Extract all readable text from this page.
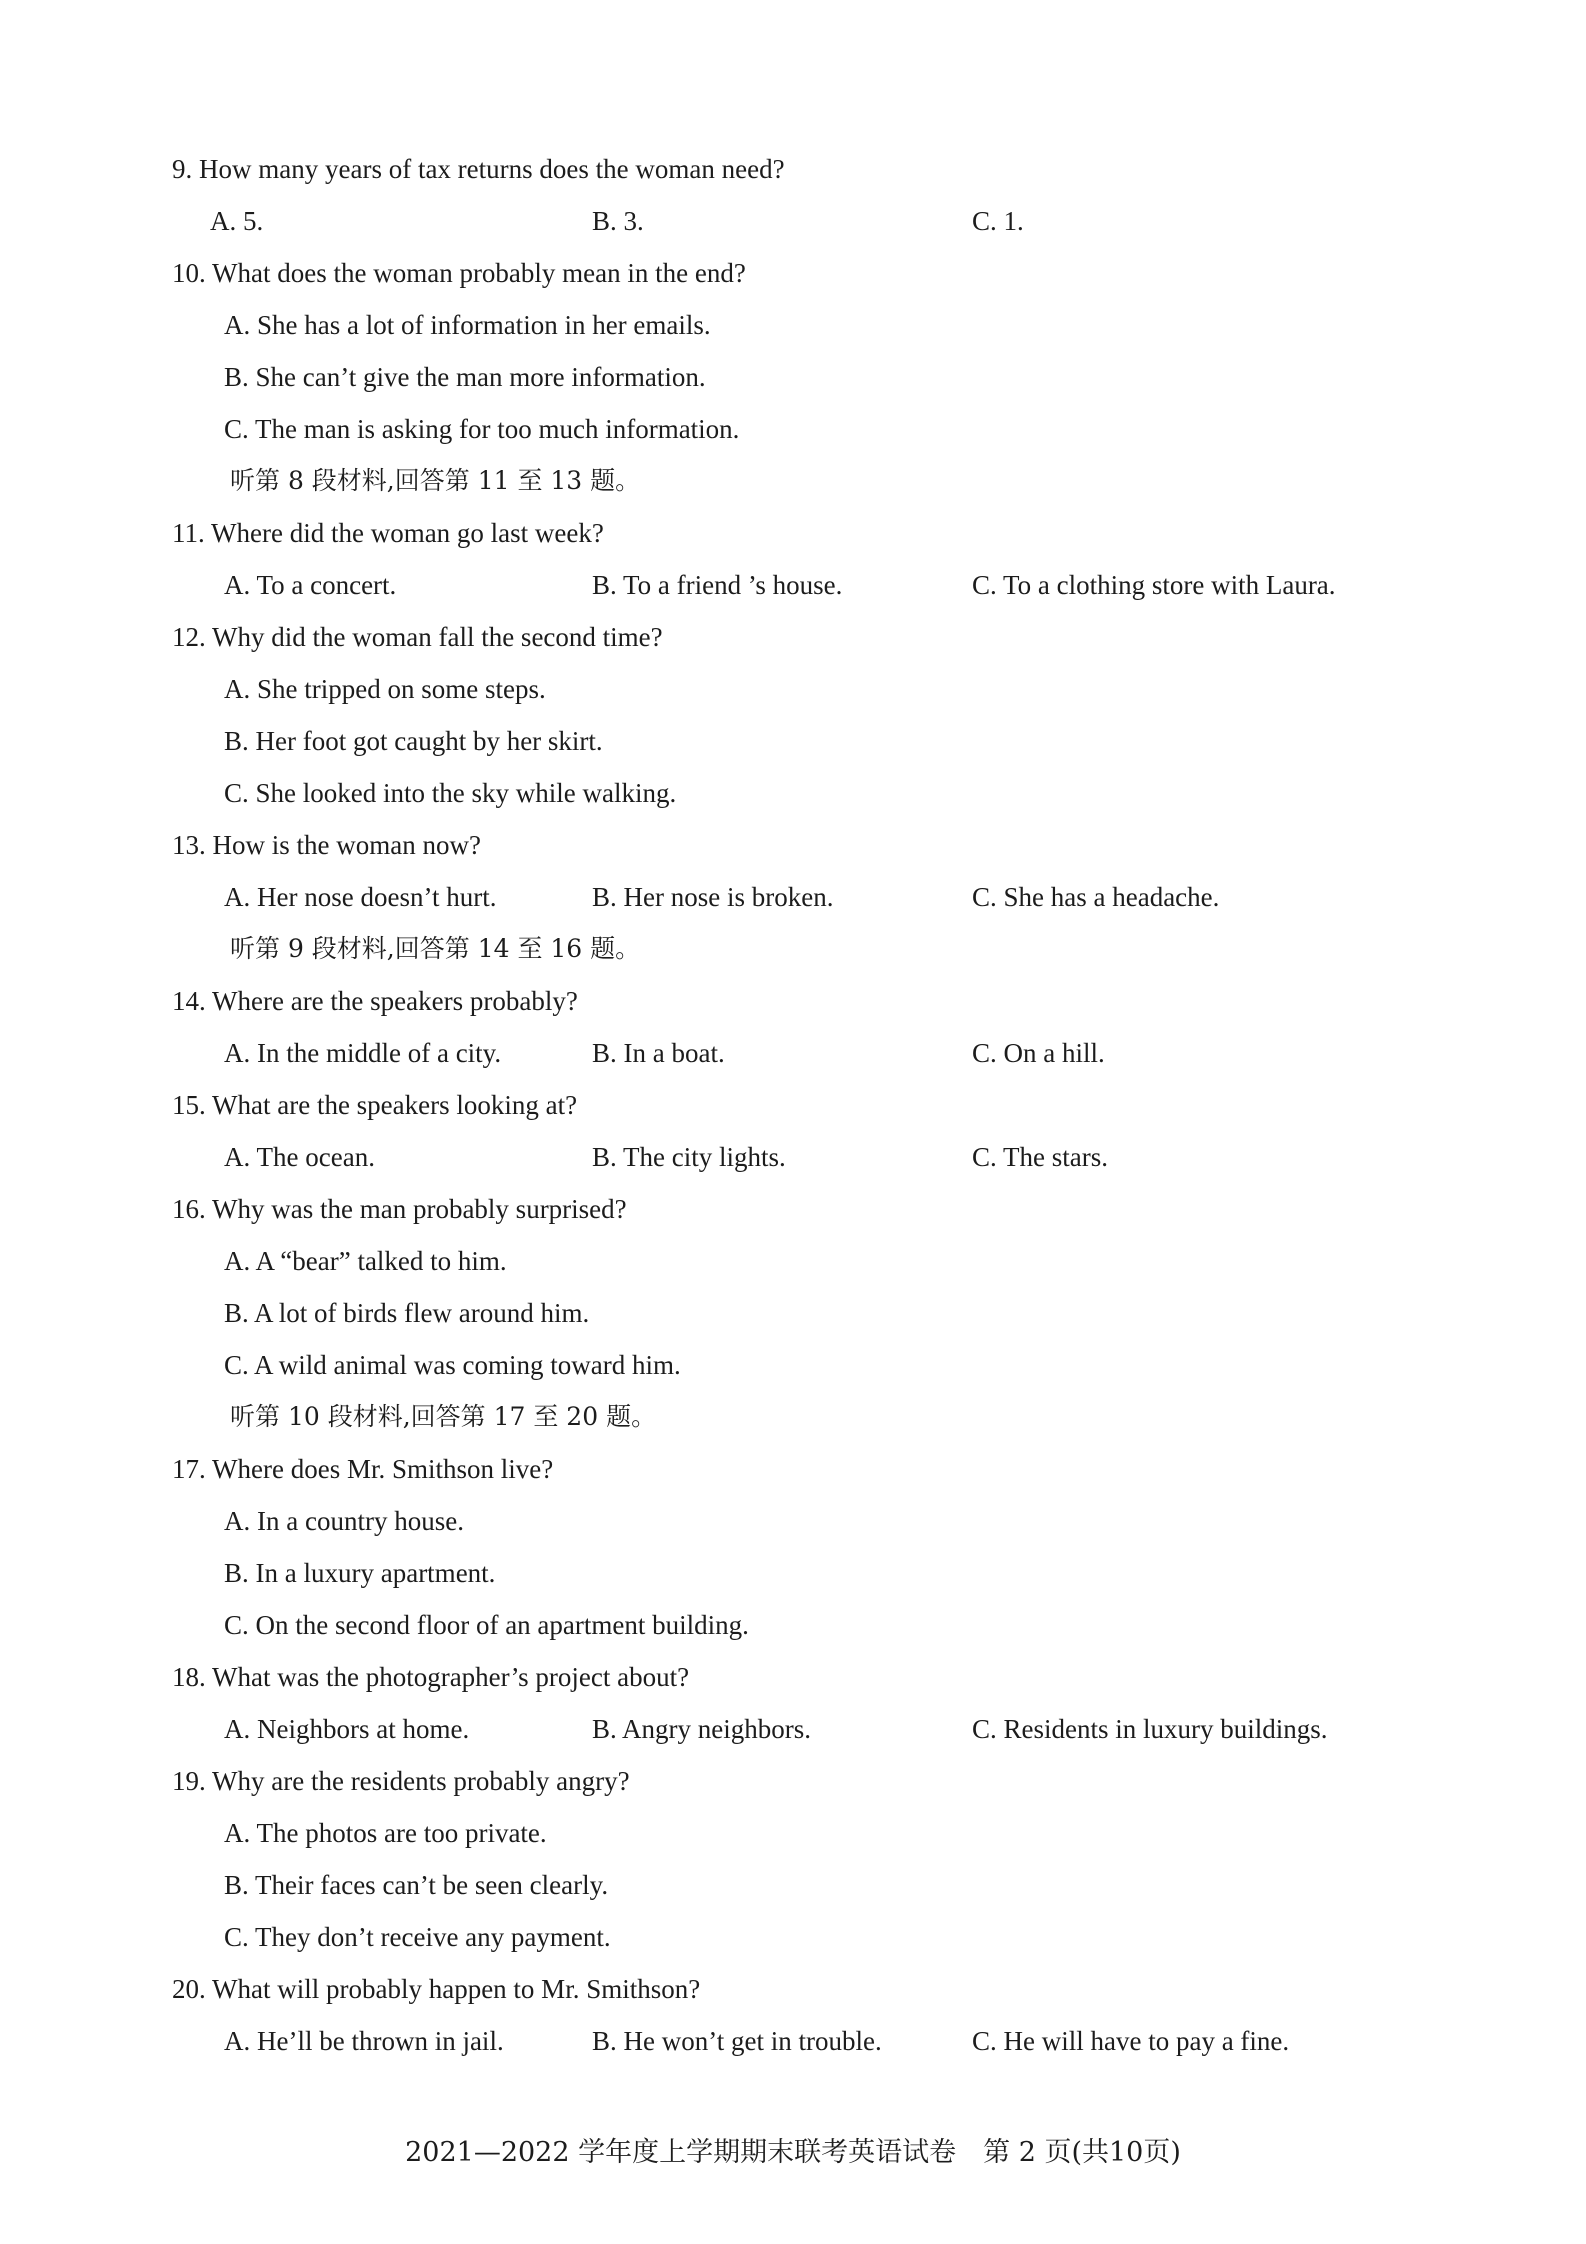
9. How many years of tax returns does the woman need?
A. 5.	B. 3.	C. 1.
10. What does the woman probably mean in the end?
A. She has a lot of information in her emails.
B. She can’t give the man more information.
C. The man is asking for too much information.
听第 8 段材料,回答第 11 至 13 题。
11. Where did the woman go last week?
A. To a concert.	B. To a friend ’s house.	C. To a clothing store with Laura.
12. Why did the woman fall the second time?
A. She tripped on some steps.
B. Her foot got caught by her skirt.
C. She looked into the sky while walking.
13. How is the woman now?
A. Her nose doesn’t hurt.	B. Her nose is broken.	C. She has a headache.
听第 9 段材料,回答第 14 至 16 题。
14. Where are the speakers probably?
A. In the middle of a city.	B. In a boat.	C. On a hill.
15. What are the speakers looking at?
A. The ocean.	B. The city lights.	C. The stars.
16. Why was the man probably surprised?
A. A “bear” talked to him.
B. A lot of birds flew around him.
C. A wild animal was coming toward him.
听第 10 段材料,回答第 17 至 20 题。
17. Where does Mr. Smithson live?
A. In a country house.
B. In a luxury apartment.
C. On the second floor of an apartment building.
18. What was the photographer’s project about?
A. Neighbors at home.	B. Angry neighbors.	C. Residents in luxury buildings.
19. Why are the residents probably angry?
A. The photos are too private.
B. Their faces can’t be seen clearly.
C. They don’t receive any payment.
20. What will probably happen to Mr. Smithson?
A. He’ll be thrown in jail.	B. He won’t get in trouble.	C. He will have to pay a fine.
2021—2022 学年度上学期期末联考英语试卷　第 2 页(共10页)
